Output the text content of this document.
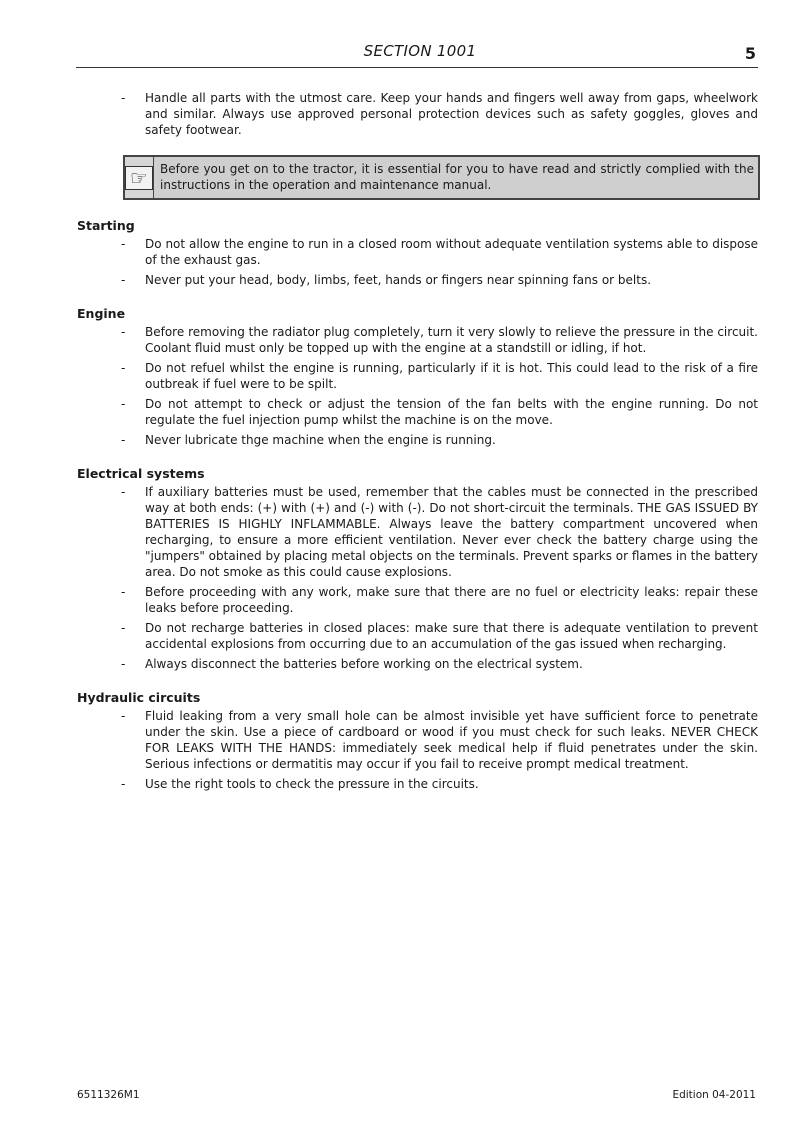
SECTION 1001	5
- Handle all parts with the utmost care. Keep your hands and fingers well away from gaps, wheelwork and similar. Always use approved personal protection devices such as safety goggles, gloves and safety footwear.
☞	Before you get on to the tractor, it is essential for you to have read and strictly complied with the instructions in the operation and maintenance manual.
Starting
- Do not allow the engine to run in a closed room without adequate ventilation systems able to dispose of the exhaust gas.
- Never put your head, body, limbs, feet, hands or fingers near spinning fans or belts.
Engine
- Before removing the radiator plug completely, turn it very slowly to relieve the pressure in the circuit. Coolant fluid must only be topped up with the engine at a standstill or idling, if hot.
- Do not refuel whilst the engine is running, particularly if it is hot. This could lead to the risk of a fire outbreak if fuel were to be spilt.
- Do not attempt to check or adjust the tension of the fan belts with the engine running. Do not regulate the fuel injection pump whilst the machine is on the move.
- Never lubricate thge machine when the engine is running.
Electrical systems
- If auxiliary batteries must be used, remember that the cables must be connected in the prescribed way at both ends: (+) with (+) and (-) with (-). Do not short-circuit the terminals. THE GAS ISSUED BY BATTERIES IS HIGHLY INFLAMMABLE. Always leave the battery compartment uncovered when recharging, to ensure a more efficient ventilation. Never ever check the battery charge using the "jumpers" obtained by placing metal objects on the terminals. Prevent sparks or flames in the battery area. Do not smoke as this could cause explosions.
- Before proceeding with any work, make sure that there are no fuel or electricity leaks: repair these leaks before proceeding.
- Do not recharge batteries in closed places: make sure that there is adequate ventilation to prevent accidental explosions from occurring due to an accumulation of the gas issued when recharging.
- Always disconnect the batteries before working on the electrical system.
Hydraulic circuits
- Fluid leaking from a very small hole can be almost invisible yet have sufficient force to penetrate under the skin. Use a piece of cardboard or wood if you must check for such leaks. NEVER CHECK FOR LEAKS WITH THE HANDS: immediately seek medical help if fluid penetrates under the skin. Serious infections or dermatitis may occur if you fail to receive prompt medical treatment.
- Use the right tools to check the pressure in the circuits.
6511326M1	Edition 04-2011
